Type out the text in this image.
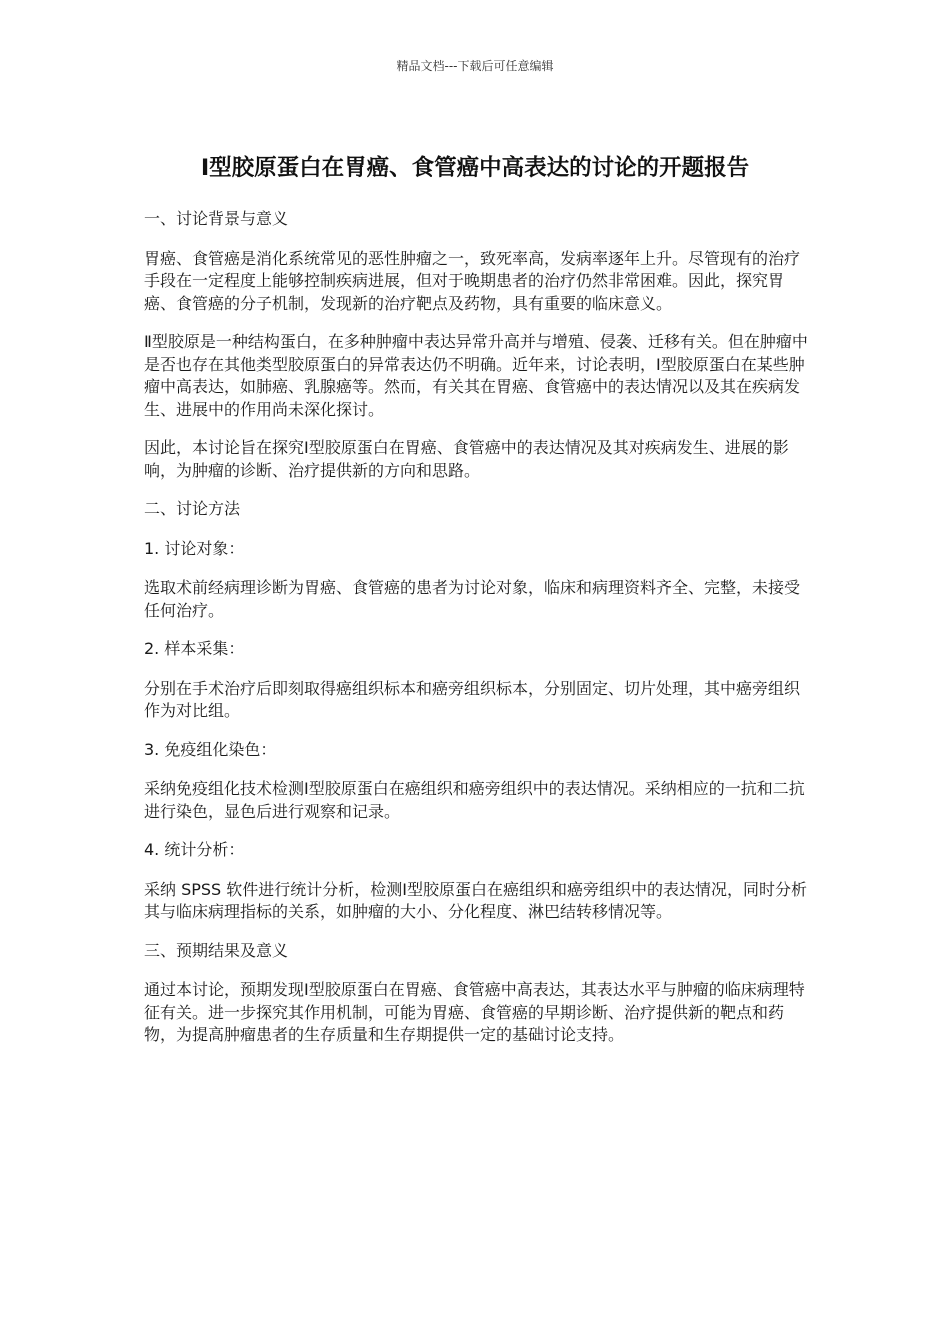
精品文档---下载后可任意编辑
I型胶原蛋白在胃癌、食管癌中高表达的讨论的开题报告

一、讨论背景与意义

胃癌、食管癌是消化系统常见的恶性肿瘤之一，致死率高，发病率逐年上升。尽管现有的治疗手段在一定程度上能够控制疾病进展，但对于晚期患者的治疗仍然非常困难。因此，探究胃癌、食管癌的分子机制，发现新的治疗靶点及药物，具有重要的临床意义。

Ⅱ型胶原是一种结构蛋白，在多种肿瘤中表达异常升高并与增殖、侵袭、迁移有关。但在肿瘤中是否也存在其他类型胶原蛋白的异常表达仍不明确。近年来，讨论表明，I型胶原蛋白在某些肿瘤中高表达，如肺癌、乳腺癌等。然而，有关其在胃癌、食管癌中的表达情况以及其在疾病发生、进展中的作用尚未深化探讨。

因此，本讨论旨在探究Ⅰ型胶原蛋白在胃癌、食管癌中的表达情况及其对疾病发生、进展的影响，为肿瘤的诊断、治疗提供新的方向和思路。

二、讨论方法

1. 讨论对象：

选取术前经病理诊断为胃癌、食管癌的患者为讨论对象，临床和病理资料齐全、完整，未接受任何治疗。

2. 样本采集：

分别在手术治疗后即刻取得癌组织标本和癌旁组织标本，分别固定、切片处理，其中癌旁组织作为对比组。

3. 免疫组化染色：

采纳免疫组化技术检测Ⅰ型胶原蛋白在癌组织和癌旁组织中的表达情况。采纳相应的一抗和二抗进行染色，显色后进行观察和记录。

4. 统计分析：

采纳 SPSS 软件进行统计分析，检测Ⅰ型胶原蛋白在癌组织和癌旁组织中的表达情况，同时分析其与临床病理指标的关系，如肿瘤的大小、分化程度、淋巴结转移情况等。

三、预期结果及意义

通过本讨论，预期发现Ⅰ型胶原蛋白在胃癌、食管癌中高表达，其表达水平与肿瘤的临床病理特征有关。进一步探究其作用机制，可能为胃癌、食管癌的早期诊断、治疗提供新的靶点和药物，为提高肿瘤患者的生存质量和生存期提供一定的基础讨论支持。
